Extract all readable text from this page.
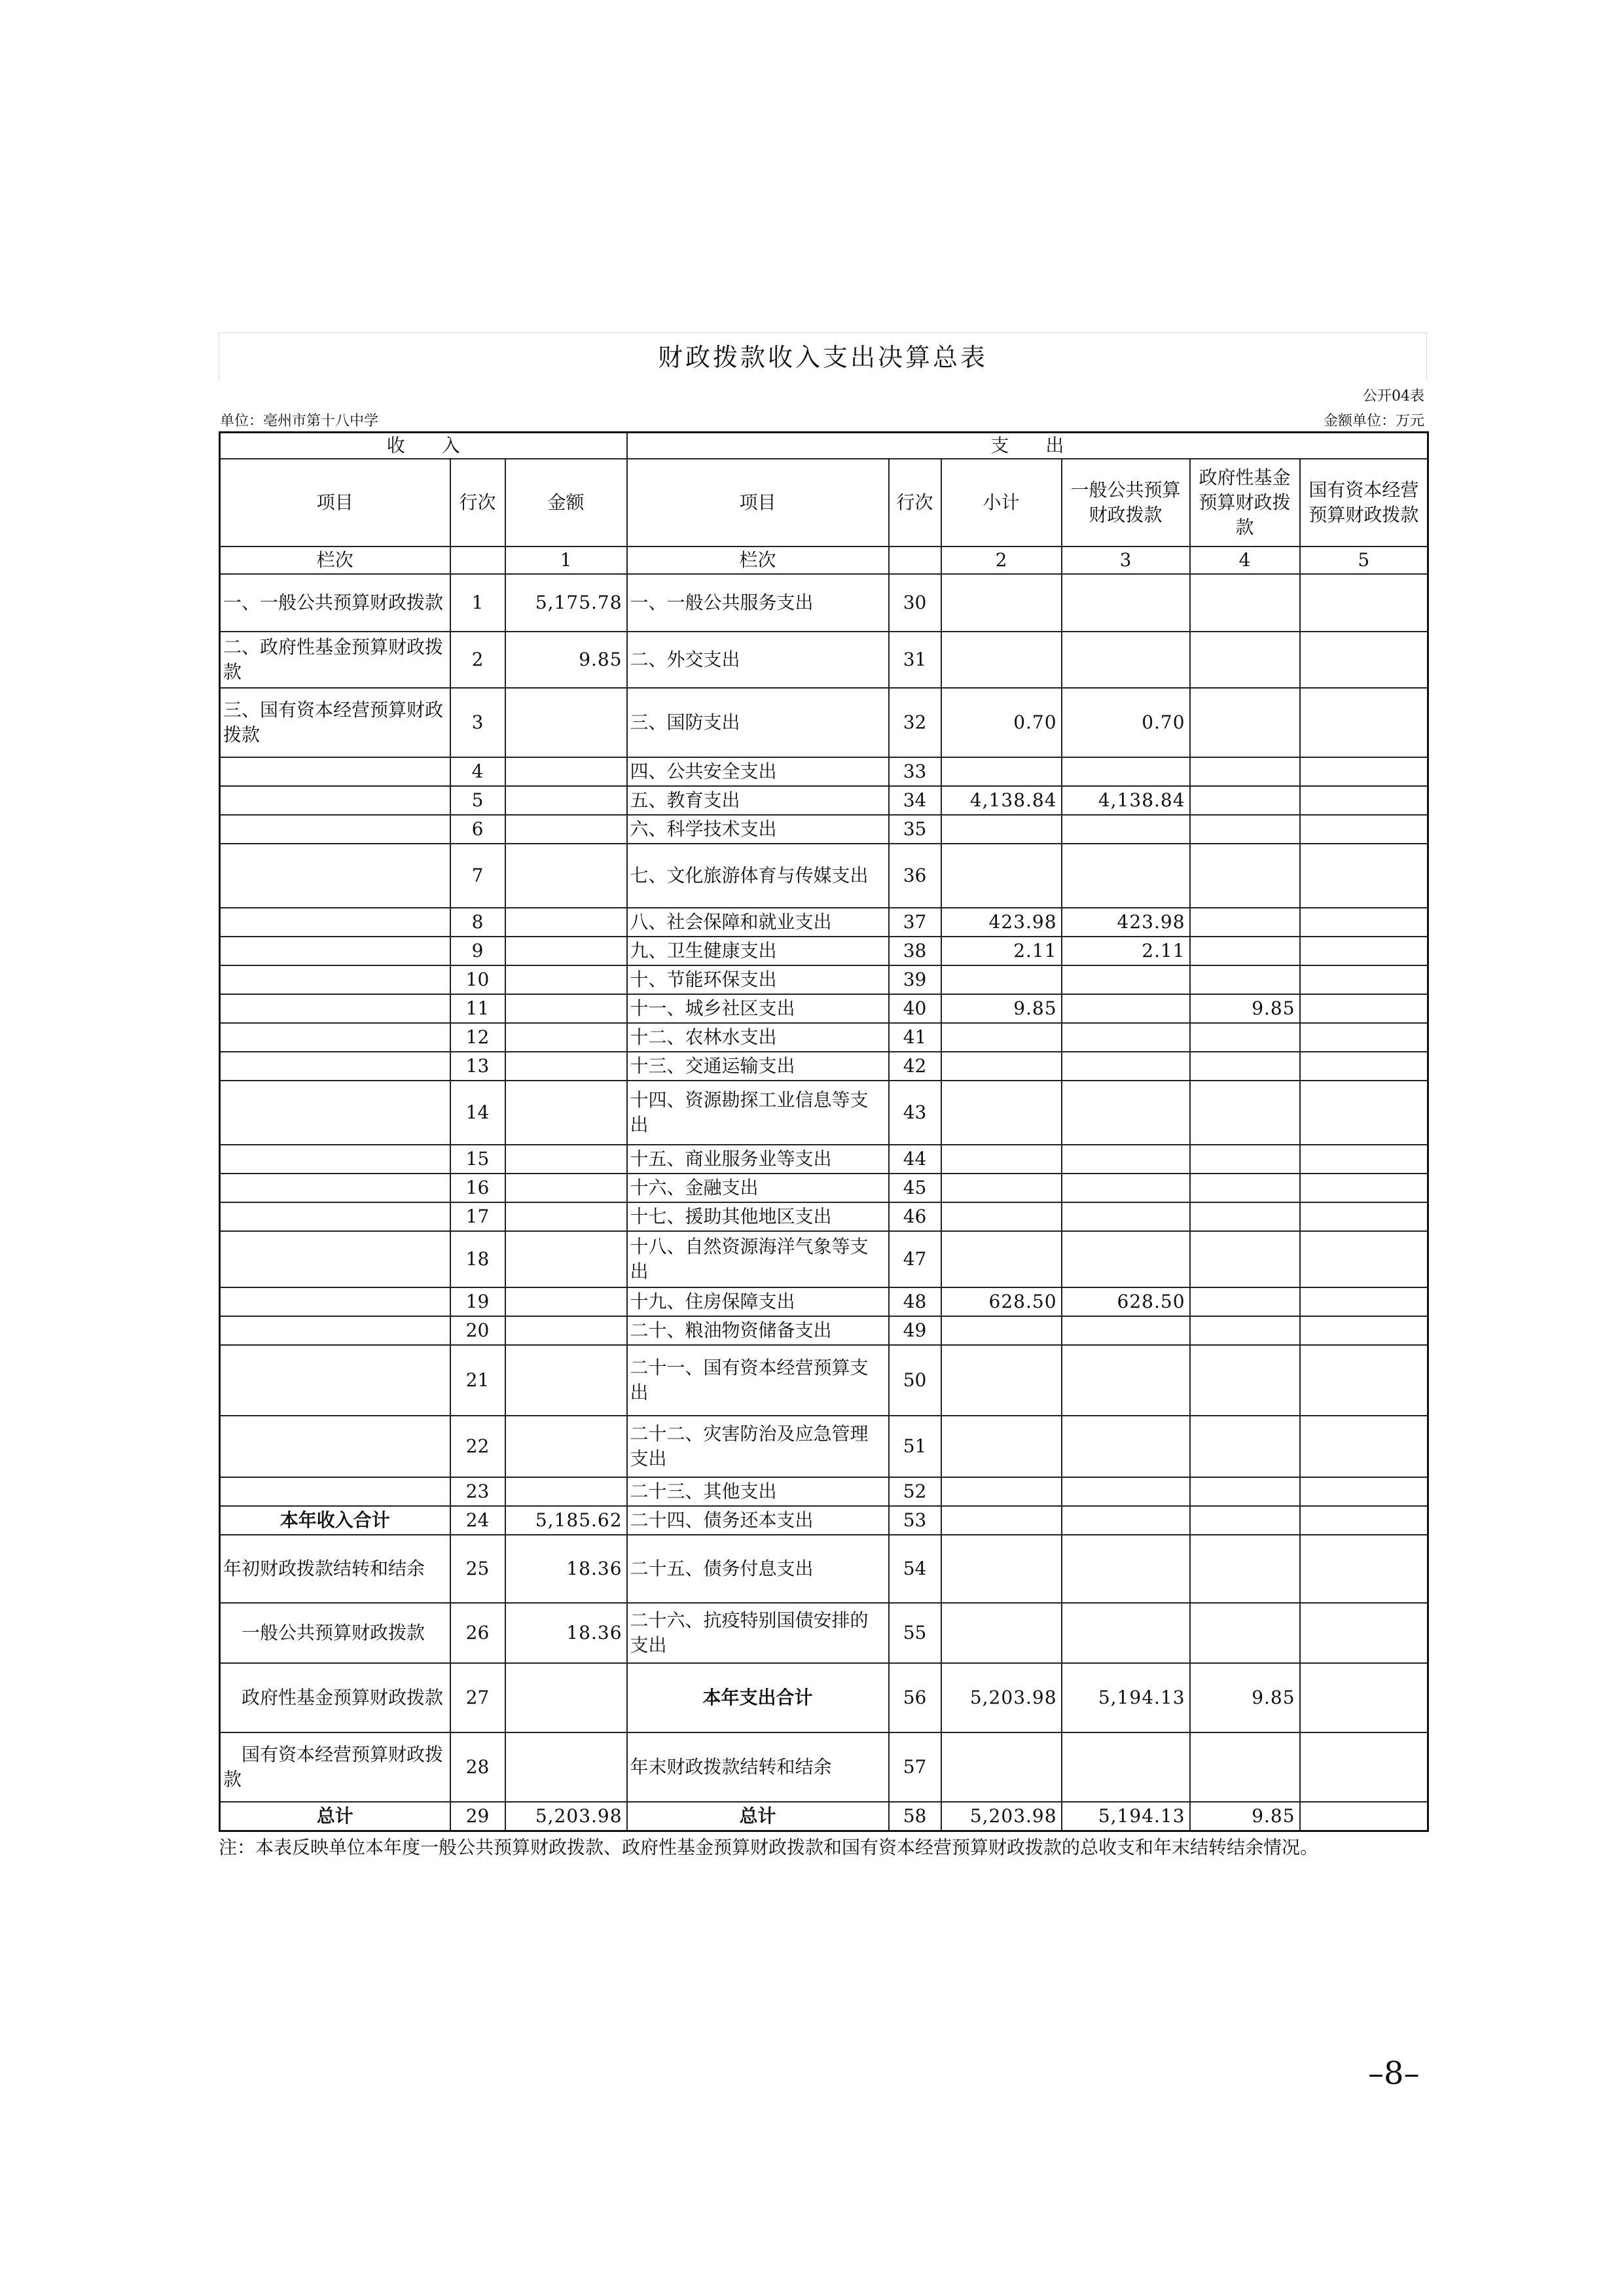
财政拨款收入支出决算总表
公开04表
单位：亳州市第十八中学	金额单位：万元
收　　入			支　　出					
项目	行次	金额	项目	行次	小计	一般公共预算财政拨款	政府性基金预算财政拨款	国有资本经营预算财政拨款
栏次		1	栏次		2	3	4	5
一、一般公共预算财政拨款	1	5,175.78	一、一般公共服务支出	30				
二、政府性基金预算财政拨款	2	9.85	二、外交支出	31				
三、国有资本经营预算财政拨款	3		三、国防支出	32	0.70	0.70		
	4		四、公共安全支出	33				
	5		五、教育支出	34	4,138.84	4,138.84		
	6		六、科学技术支出	35				
	7		七、文化旅游体育与传媒支出	36				
	8		八、社会保障和就业支出	37	423.98	423.98		
	9		九、卫生健康支出	38	2.11	2.11		
	10		十、节能环保支出	39				
	11		十一、城乡社区支出	40	9.85		9.85	
	12		十二、农林水支出	41				
	13		十三、交通运输支出	42				
	14		十四、资源勘探工业信息等支出	43				
	15		十五、商业服务业等支出	44				
	16		十六、金融支出	45				
	17		十七、援助其他地区支出	46				
	18		十八、自然资源海洋气象等支出	47				
	19		十九、住房保障支出	48	628.50	628.50		
	20		二十、粮油物资储备支出	49				
	21		二十一、国有资本经营预算支出	50				
	22		二十二、灾害防治及应急管理支出	51				
	23		二十三、其他支出	52				
本年收入合计	24	5,185.62	二十四、债务还本支出	53				
年初财政拨款结转和结余	25	18.36	二十五、债务付息支出	54				
　一般公共预算财政拨款	26	18.36	二十六、抗疫特别国债安排的支出	55				
　政府性基金预算财政拨款	27		本年支出合计	56	5,203.98	5,194.13	9.85	
　国有资本经营预算财政拨款	28		年末财政拨款结转和结余	57				
总计	29	5,203.98	总计	58	5,203.98	5,194.13	9.85	
注：本表反映单位本年度一般公共预算财政拨款、政府性基金预算财政拨款和国有资本经营预算财政拨款的总收支和年末结转结余情况。
–8–
